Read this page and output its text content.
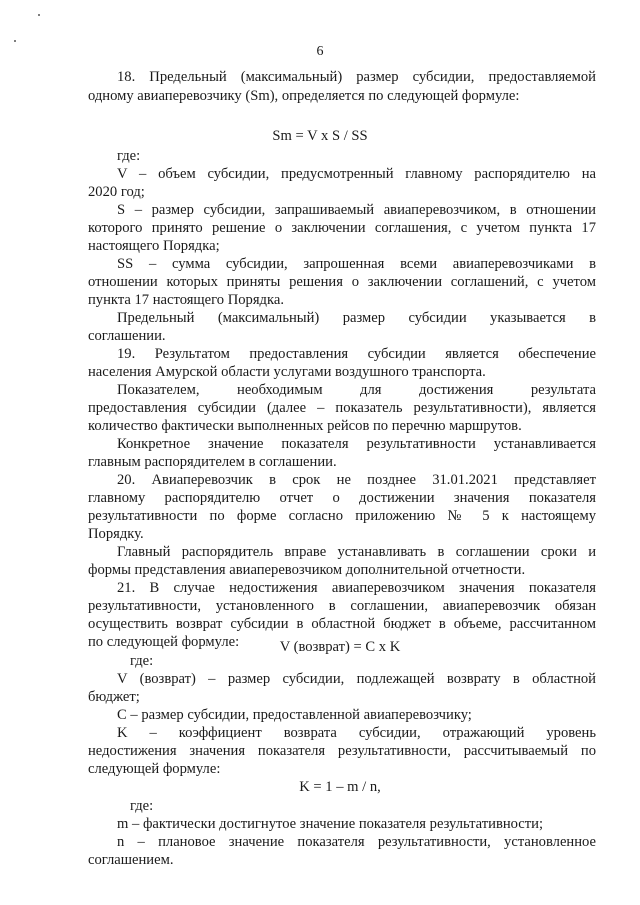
6
18. Предельный (максимальный) размер субсидии, предоставляемой
одному авиаперевозчику (Sm), определяется по следующей формуле:
Sm = V x S / SS
где:
V – объем субсидии, предусмотренный главному распорядителю на
2020 год;
S – размер субсидии, запрашиваемый авиаперевозчиком, в отношении
которого принято решение о заключении соглашения, с учетом пункта 17
настоящего Порядка;
SS – сумма субсидии, запрошенная всеми авиаперевозчиками в
отношении которых приняты решения о заключении соглашений, с учетом
пункта 17 настоящего Порядка.
Предельный (максимальный) размер субсидии указывается в
соглашении.
19. Результатом предоставления субсидии является обеспечение
населения Амурской области услугами воздушного транспорта.
Показателем, необходимым для достижения результата
предоставления субсидии (далее – показатель результативности), является
количество фактически выполненных рейсов по перечню маршрутов.
Конкретное значение показателя результативности устанавливается
главным распорядителем в соглашении.
20. Авиаперевозчик в срок не позднее 31.01.2021 представляет
главному распорядителю отчет о достижении значения показателя
результативности по форме согласно приложению № 5 к настоящему
Порядку.
Главный распорядитель вправе устанавливать в соглашении сроки и
формы представления авиаперевозчиком дополнительной отчетности.
21. В случае недостижения авиаперевозчиком значения показателя
результативности, установленного в соглашении, авиаперевозчик обязан
осуществить возврат субсидии в областной бюджет в объеме, рассчитанном
по следующей формуле:	V (возврат) = C x K
где:
V (возврат) – размер субсидии, подлежащей возврату в областной
бюджет;
C – размер субсидии, предоставленной авиаперевозчику;
K – коэффициент возврата субсидии, отражающий уровень
недостижения значения показателя результативности, рассчитываемый по
следующей формуле:
K = 1 – m / n,
где:
m – фактически достигнутое значение показателя результативности;
n – плановое значение показателя результативности, установленное
соглашением.
